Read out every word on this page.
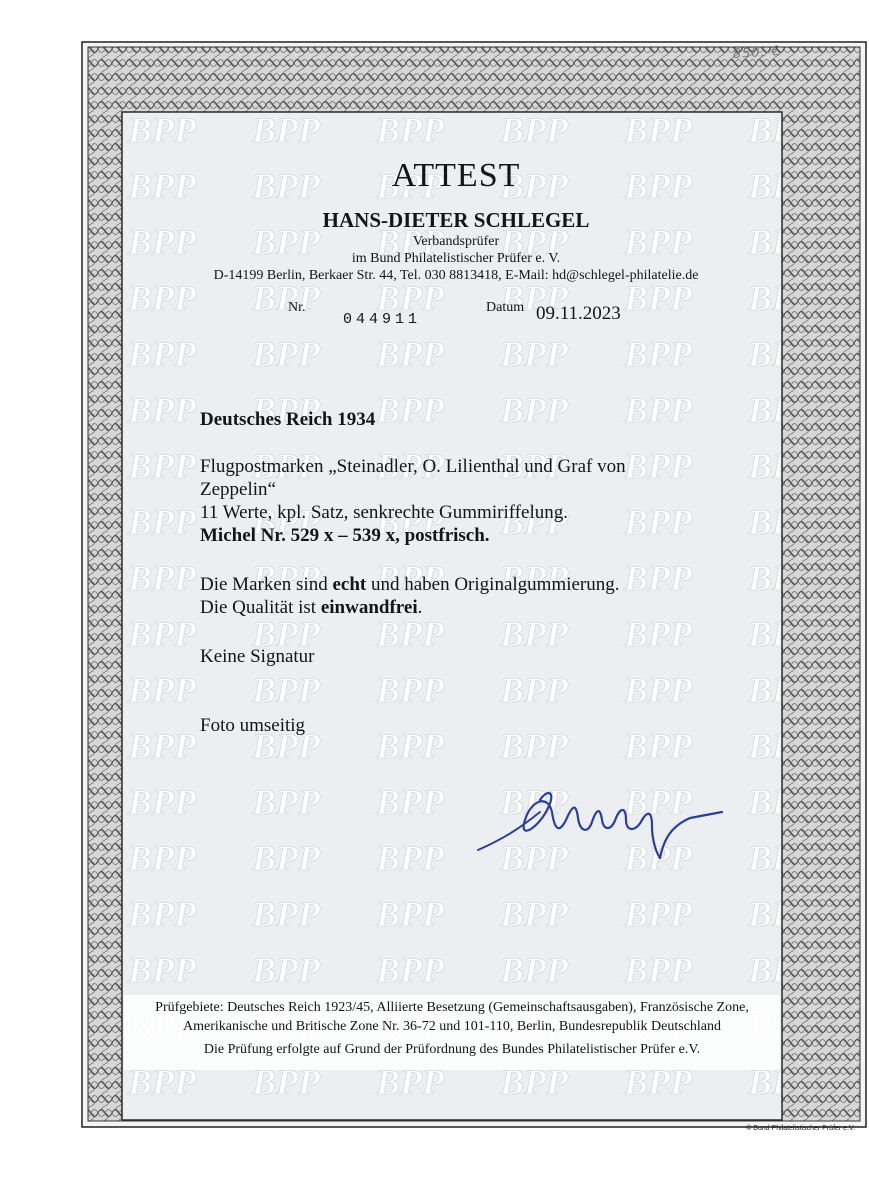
850,-€
ATTEST
HANS-DIETER SCHLEGEL
Verbandsprüfer
im Bund Philatelistischer Prüfer e. V.
D-14199 Berlin, Berkaer Str. 44, Tel. 030 8813418, E-Mail: hd@schlegel-philatelie.de
Nr.
044911
Datum 09.11.2023
Deutsches Reich 1934
Flugpostmarken „Steinadler, O. Lilienthal und Graf von
Zeppelin“
11 Werte, kpl. Satz, senkrechte Gummiriffelung.
Michel Nr. 529 x – 539 x, postfrisch.
Die Marken sind echt und haben Originalgummierung.
Die Qualität ist einwandfrei.
Keine Signatur
Foto umseitig
Prüfgebiete: Deutsches Reich 1923/45, Alliierte Besetzung (Gemeinschaftsausgaben), Französische Zone,
Amerikanische und Britische Zone Nr. 36-72 und 101-110, Berlin, Bundesrepublik Deutschland
Die Prüfung erfolgte auf Grund der Prüfordnung des Bundes Philatelistischer Prüfer e.V.
© Bund Philatelistischer Prüfer e.V.
